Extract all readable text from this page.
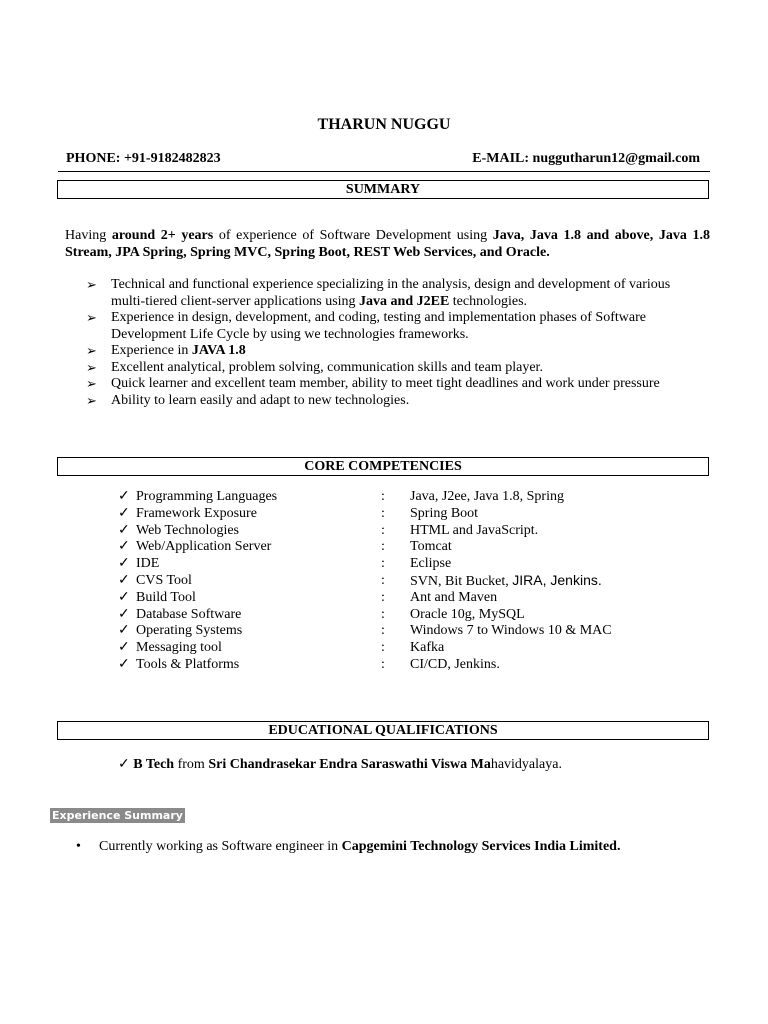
THARUN NUGGU
PHONE: +91-9182482823	E-MAIL: nuggutharun12@gmail.com
SUMMARY
Having around 2+ years of experience of Software Development using Java, Java 1.8 and above, Java 1.8 Stream, JPA Spring, Spring MVC, Spring Boot, REST Web Services, and Oracle.
➢ Technical and functional experience specializing in the analysis, design and development of various multi-tiered client-server applications using Java and J2EE technologies.
➢ Experience in design, development, and coding, testing and implementation phases of Software Development Life Cycle by using we technologies frameworks.
➢ Experience in JAVA 1.8
➢ Excellent analytical, problem solving, communication skills and team player.
➢ Quick learner and excellent team member, ability to meet tight deadlines and work under pressure
➢ Ability to learn easily and adapt to new technologies.
CORE COMPETENCIES
✓ Programming Languages	: Java, J2ee, Java 1.8, Spring
✓ Framework Exposure	: Spring Boot
✓ Web Technologies	: HTML and JavaScript.
✓ Web/Application Server	: Tomcat
✓ IDE	: Eclipse
✓ CVS Tool	: SVN, Bit Bucket, JIRA, Jenkins.
✓ Build Tool	: Ant and Maven
✓ Database Software	: Oracle 10g, MySQL
✓ Operating Systems	: Windows 7 to Windows 10 & MAC
✓ Messaging tool	: Kafka
✓ Tools & Platforms	: CI/CD, Jenkins.
EDUCATIONAL QUALIFICATIONS
✓ B Tech from Sri Chandrasekar Endra Saraswathi Viswa Mahavidyalaya.
Experience Summary
• Currently working as Software engineer in Capgemini Technology Services India Limited.
